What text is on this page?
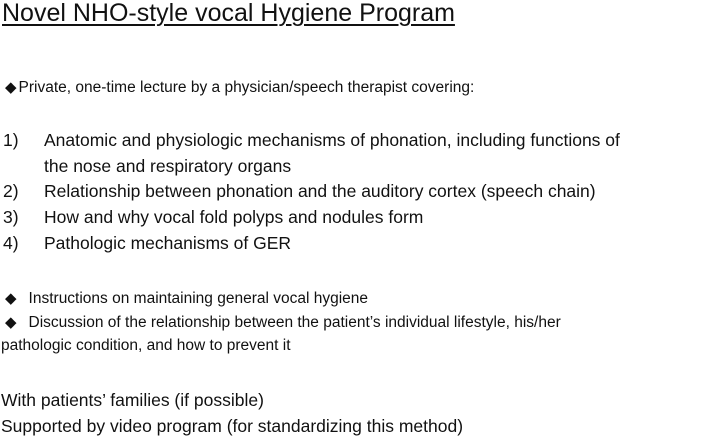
Novel NHO-style vocal Hygiene Program
◆ Private, one-time lecture by a physician/speech therapist covering:
1) Anatomic and physiologic mechanisms of phonation, including functions of
the nose and respiratory organs
2) Relationship between phonation and the auditory cortex (speech chain)
3) How and why vocal fold polyps and nodules form
4) Pathologic mechanisms of GER
◆ Instructions on maintaining general vocal hygiene
◆ Discussion of the relationship between the patient’s individual lifestyle, his/her
pathologic condition, and how to prevent it
With patients’ families (if possible)
Supported by video program (for standardizing this method)
